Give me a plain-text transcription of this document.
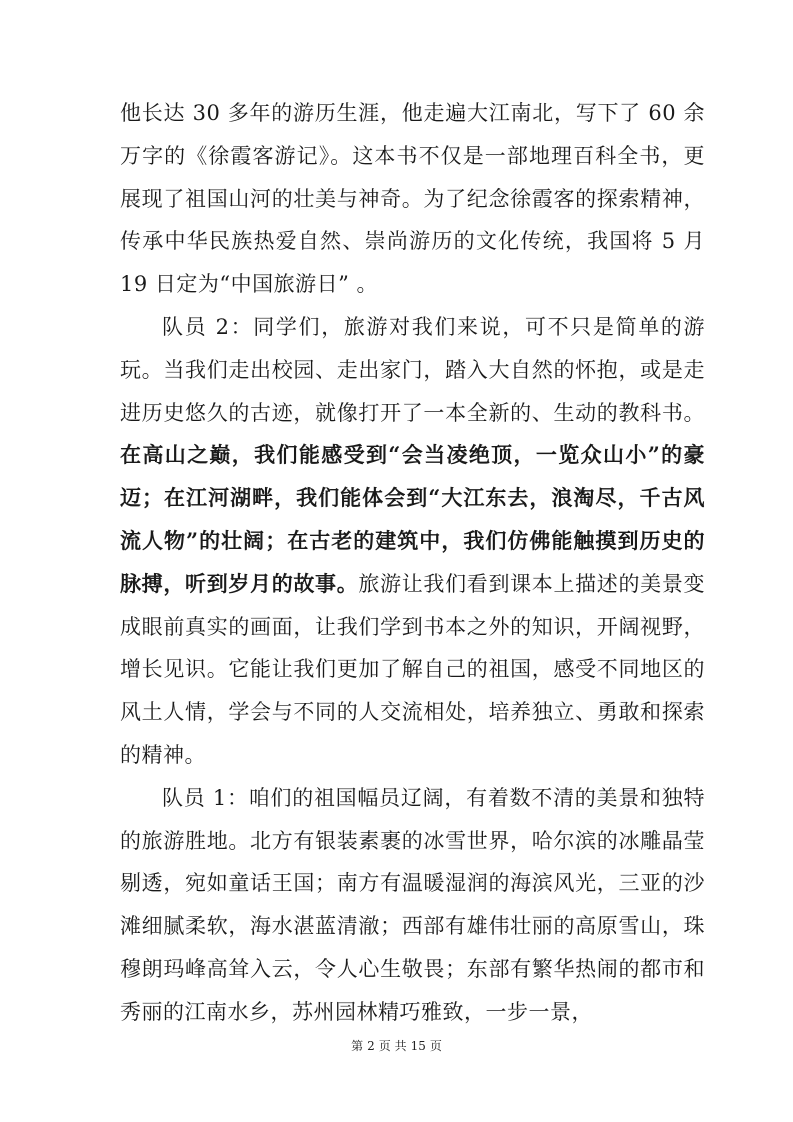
他长达 30 多年的游历生涯，他走遍大江南北，写下了 60 余万字的《徐霞客游记》。这本书不仅是一部地理百科全书，更展现了祖国山河的壮美与神奇。为了纪念徐霞客的探索精神，传承中华民族热爱自然、崇尚游历的文化传统，我国将 5 月 19 日定为“中国旅游日” 。

队员 2：同学们，旅游对我们来说，可不只是简单的游玩。当我们走出校园、走出家门，踏入大自然的怀抱，或是走进历史悠久的古迹，就像打开了一本全新的、生动的教科书。在高山之巅，我们能感受到“会当凌绝顶，一览众山小”的豪迈；在江河湖畔，我们能体会到“大江东去，浪淘尽，千古风流人物”的壮阔；在古老的建筑中，我们仿佛能触摸到历史的脉搏，听到岁月的故事。旅游让我们看到课本上描述的美景变成眼前真实的画面，让我们学到书本之外的知识，开阔视野，增长见识。它能让我们更加了解自己的祖国，感受不同地区的风土人情，学会与不同的人交流相处，培养独立、勇敢和探索的精神。

队员 1：咱们的祖国幅员辽阔，有着数不清的美景和独特的旅游胜地。北方有银装素裹的冰雪世界，哈尔滨的冰雕晶莹剔透，宛如童话王国；南方有温暖湿润的海滨风光，三亚的沙滩细腻柔软，海水湛蓝清澈；西部有雄伟壮丽的高原雪山，珠穆朗玛峰高耸入云，令人心生敬畏；东部有繁华热闹的都市和秀丽的江南水乡，苏州园林精巧雅致，一步一景，

第 2 页 共 15 页
